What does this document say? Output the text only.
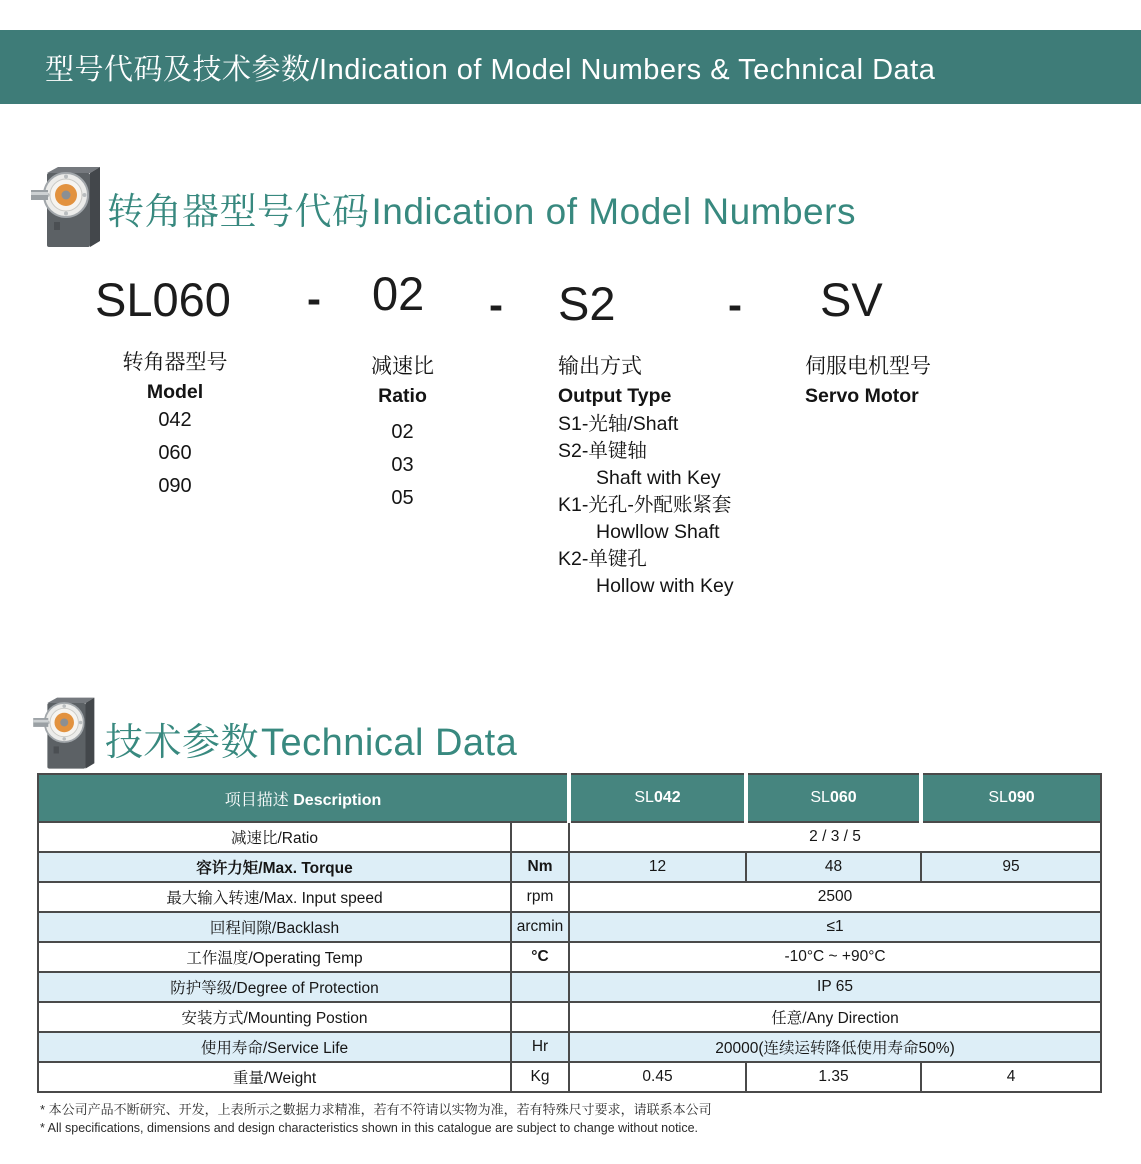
型号代码及技术参数/Indication of Model Numbers & Technical Data
转角器型号代码Indication of Model Numbers
SL060 - 02 - S2	- SV
转角器型号
Model
042
060
090
减速比
Ratio
02
03
05
输出方式
Output Type
S1-光轴/Shaft
S2-单键轴
Shaft with Key
K1-光孔-外配账紧套
Howllow Shaft
K2-单键孔
Hollow with Key
伺服电机型号
Servo Motor
技术参数Technical Data
项目描述 Description		SL042	SL060	SL090
减速比/Ratio		2 / 3 / 5		
容许力矩/Max. Torque	Nm	12	48	95
最大输入转速/Max. Input speed	rpm	2500		
回程间隙/Backlash	arcmin	≤1		
工作温度/Operating Temp	°C	-10°C ~ +90°C		
防护等级/Degree of Protection		IP 65		
安装方式/Mounting Postion		任意/Any Direction		
使用寿命/Service Life	Hr	20000(连续运转降低使用寿命50%)		
重量/Weight	Kg	0.45	1.35	4
* 本公司产品不断研究、开发，上表所示之數据力求精准，若有不符请以实物为准，若有特殊尺寸要求，请联系本公司
* All specifications, dimensions and design characteristics shown in this catalogue are subject to change without notice.
